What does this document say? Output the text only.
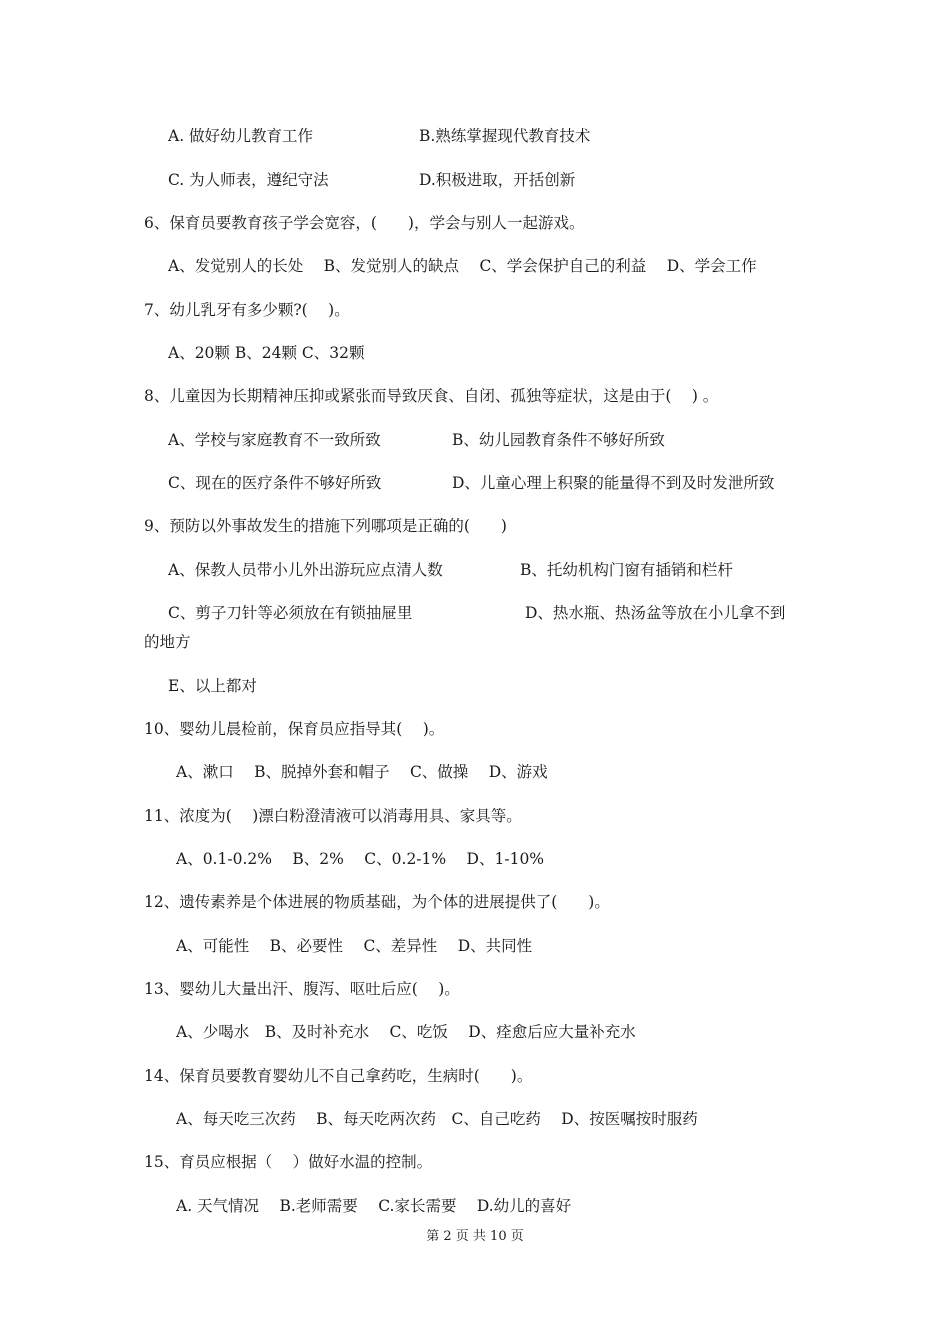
A. 做好幼儿教育工作	B.熟练掌握现代教育技术
C. 为人师表，遵纪守法	D.积极进取，开括创新
6、保育员要教育孩子学会宽容，(　　)，学会与别人一起游戏。
A、发觉别人的长处　 B、发觉别人的缺点　 C、学会保护自己的利益　 D、学会工作
7、幼儿乳牙有多少颗?(　 )。
A、20颗 B、24颗 C、32颗
8、儿童因为长期精神压抑或紧张而导致厌食、自闭、孤独等症状，这是由于(　 ) 。
A、学校与家庭教育不一致所致	B、幼儿园教育条件不够好所致
C、现在的医疗条件不够好所致	D、儿童心理上积聚的能量得不到及时发泄所致
9、预防以外事故发生的措施下列哪项是正确的(　　)
A、保教人员带小儿外出游玩应点清人数	B、托幼机构门窗有插销和栏杆
C、剪子刀针等必须放在有锁抽屉里	D、热水瓶、热汤盆等放在小儿拿不到
的地方
E、以上都对
10、婴幼儿晨检前，保育员应指导其(　 )。
A、漱口　 B、脱掉外套和帽子　 C、做操　 D、游戏
11、浓度为(　 )漂白粉澄清液可以消毒用具、家具等。
A、0.1-0.2%　 B、2%　 C、0.2-1%　 D、1-10%
12、遗传素养是个体进展的物质基础，为个体的进展提供了(　　)。
A、可能性　 B、必要性　 C、差异性　 D、共同性
13、婴幼儿大量出汗、腹泻、呕吐后应(　 )。
A、少喝水　B、及时补充水　 C、吃饭　 D、痊愈后应大量补充水
14、保育员要教育婴幼儿不自己拿药吃，生病时(　　)。
A、每天吃三次药　 B、每天吃两次药　C、自己吃药　 D、按医嘱按时服药
15、育员应根据（　 ）做好水温的控制。
A. 天气情况　 B.老师需要　 C.家长需要　 D.幼儿的喜好
第 2 页 共 10 页
